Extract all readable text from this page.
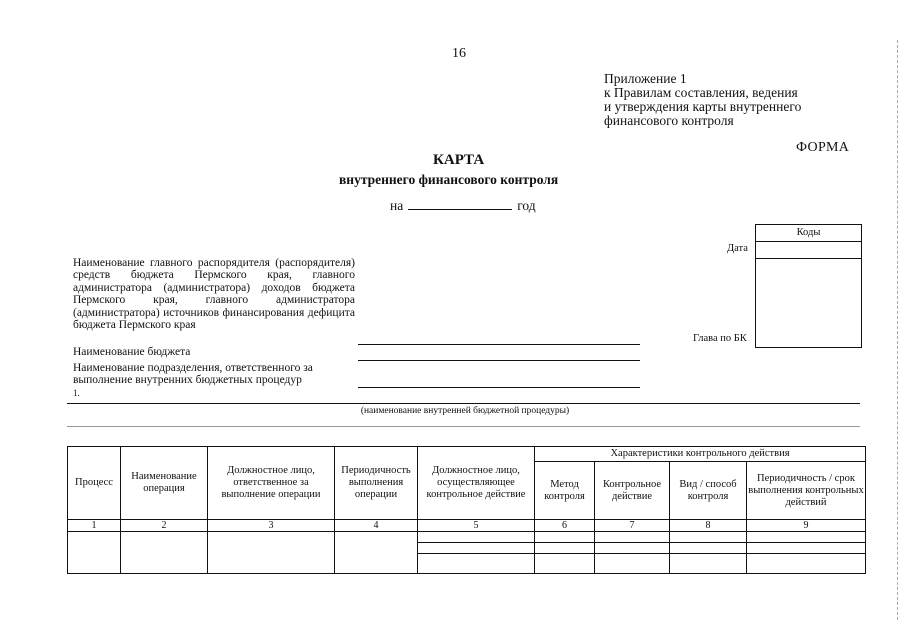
16
Приложение 1
к Правилам составления, ведения
и утверждения карты внутреннего
финансового контроля
ФОРМА
КАРТА
внутреннего финансового контроля
на	год
Коды
Дата
Глава по БК
Наименование главного распорядителя (распорядителя) средств бюджета Пермского края, главного администратора (администратора) доходов бюджета Пермского края, главного администратора (администратора) источников финансирования дефицита бюджета Пермского края
Наименование бюджета
Наименование подразделения, ответственного за выполнение внутренних бюджетных процедур
1.
(наименование внутренней бюджетной процедуры)
Процесс	Наименование операция	Должностное лицо, ответственное за выполнение операции	Периодичность выполнения операции	Должностное лицо, осуществляющее контрольное действие	Характеристики контрольного действия			
					Метод контроля	Контрольное действие	Вид / способ контроля	Периодичность / срок выполнения контрольных действий
1	2	3	4	5	6	7	8	9
